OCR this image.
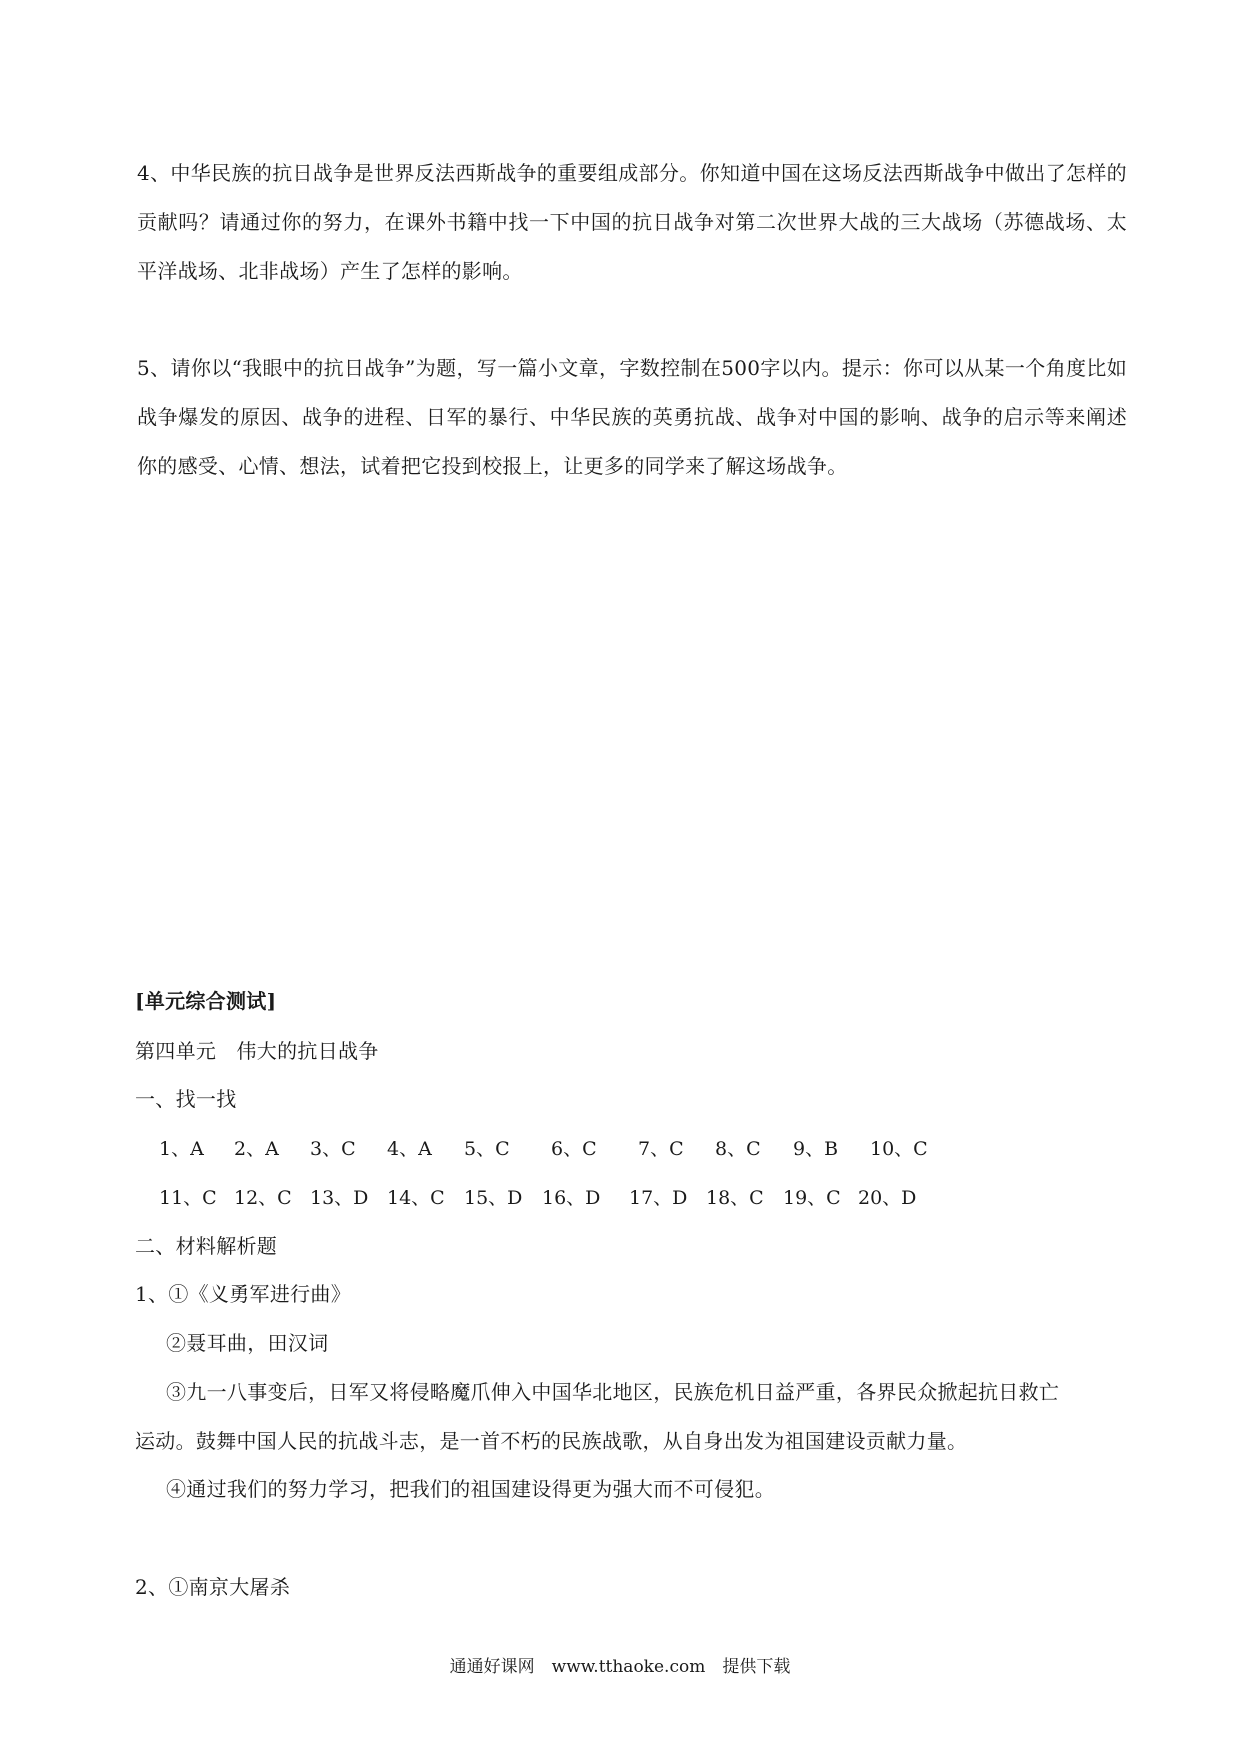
4、中华民族的抗日战争是世界反法西斯战争的重要组成部分。你知道中国在这场反法西斯战争中做出了怎样的贡献吗？请通过你的努力，在课外书籍中找一下中国的抗日战争对第二次世界大战的三大战场（苏德战场、太平洋战场、北非战场）产生了怎样的影响。

5、请你以“我眼中的抗日战争”为题，写一篇小文章，字数控制在500字以内。提示：你可以从某一个角度比如战争爆发的原因、战争的进程、日军的暴行、中华民族的英勇抗战、战争对中国的影响、战争的启示等来阐述你的感受、心情、想法，试着把它投到校报上，让更多的同学来了解这场战争。

[单元综合测试]
第四单元　伟大的抗日战争
一、找一找
1、A 2、A 3、C 4、A 5、C 6、C 7、C 8、C 9、B 10、C
11、C 12、C 13、D 14、C 15、D 16、D 17、D 18、C 19、C 20、D
二、材料解析题
1、①《义勇军进行曲》
②聂耳曲，田汉词
③九一八事变后，日军又将侵略魔爪伸入中国华北地区，民族危机日益严重，各界民众掀起抗日救亡
运动。鼓舞中国人民的抗战斗志，是一首不朽的民族战歌，从自身出发为祖国建设贡献力量。
④通过我们的努力学习，把我们的祖国建设得更为强大而不可侵犯。
2、①南京大屠杀
通通好课网　www.tthaoke.com　提供下载
